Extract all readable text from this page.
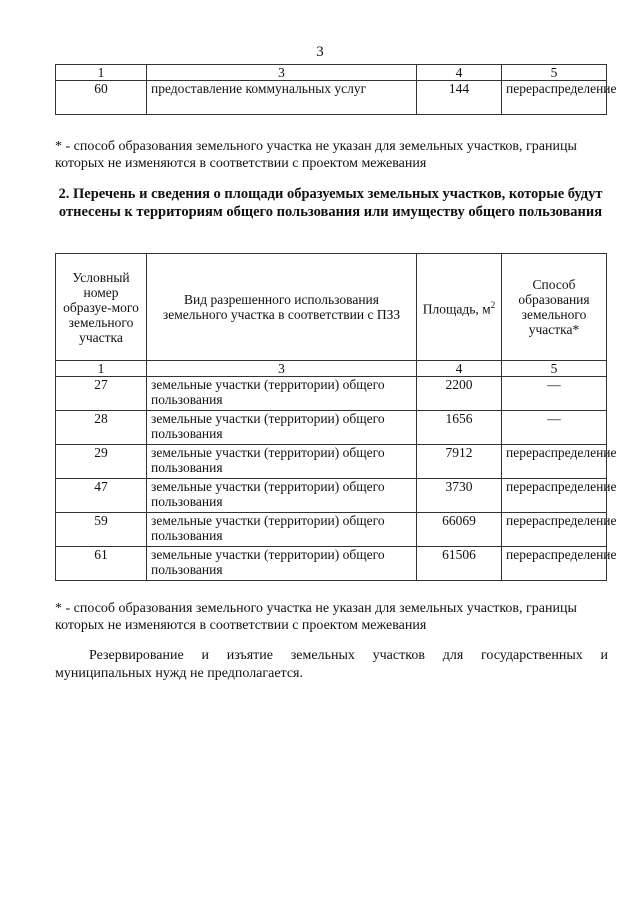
3
1	3	4	5
60	предоставление коммунальных услуг	144	перераспределение
* - способ образования земельного участка не указан для земельных участков, границы которых не изменяются в соответствии с проектом межевания
2. Перечень и сведения о площади образуемых земельных участков, которые будут отнесены к территориям общего пользования или имуществу общего пользования
Условный номер образуе-мого земельного участка	Вид разрешенного использования земельного участка в соответствии с ПЗЗ	Площадь, $м^2$	Способ образования земельного участка*
1	3	4	5
27	земельные участки (территории) общего пользования	2200	—
28	земельные участки (территории) общего пользования	1656	—
29	земельные участки (территории) общего пользования	7912	перераспределение
47	земельные участки (территории) общего пользования	3730	перераспределение
59	земельные участки (территории) общего пользования	66069	перераспределение
61	земельные участки (территории) общего пользования	61506	перераспределение
* - способ образования земельного участка не указан для земельных участков, границы которых не изменяются в соответствии с проектом межевания
Резервирование и изъятие земельных участков для государственных и муниципальных нужд не предполагается.
